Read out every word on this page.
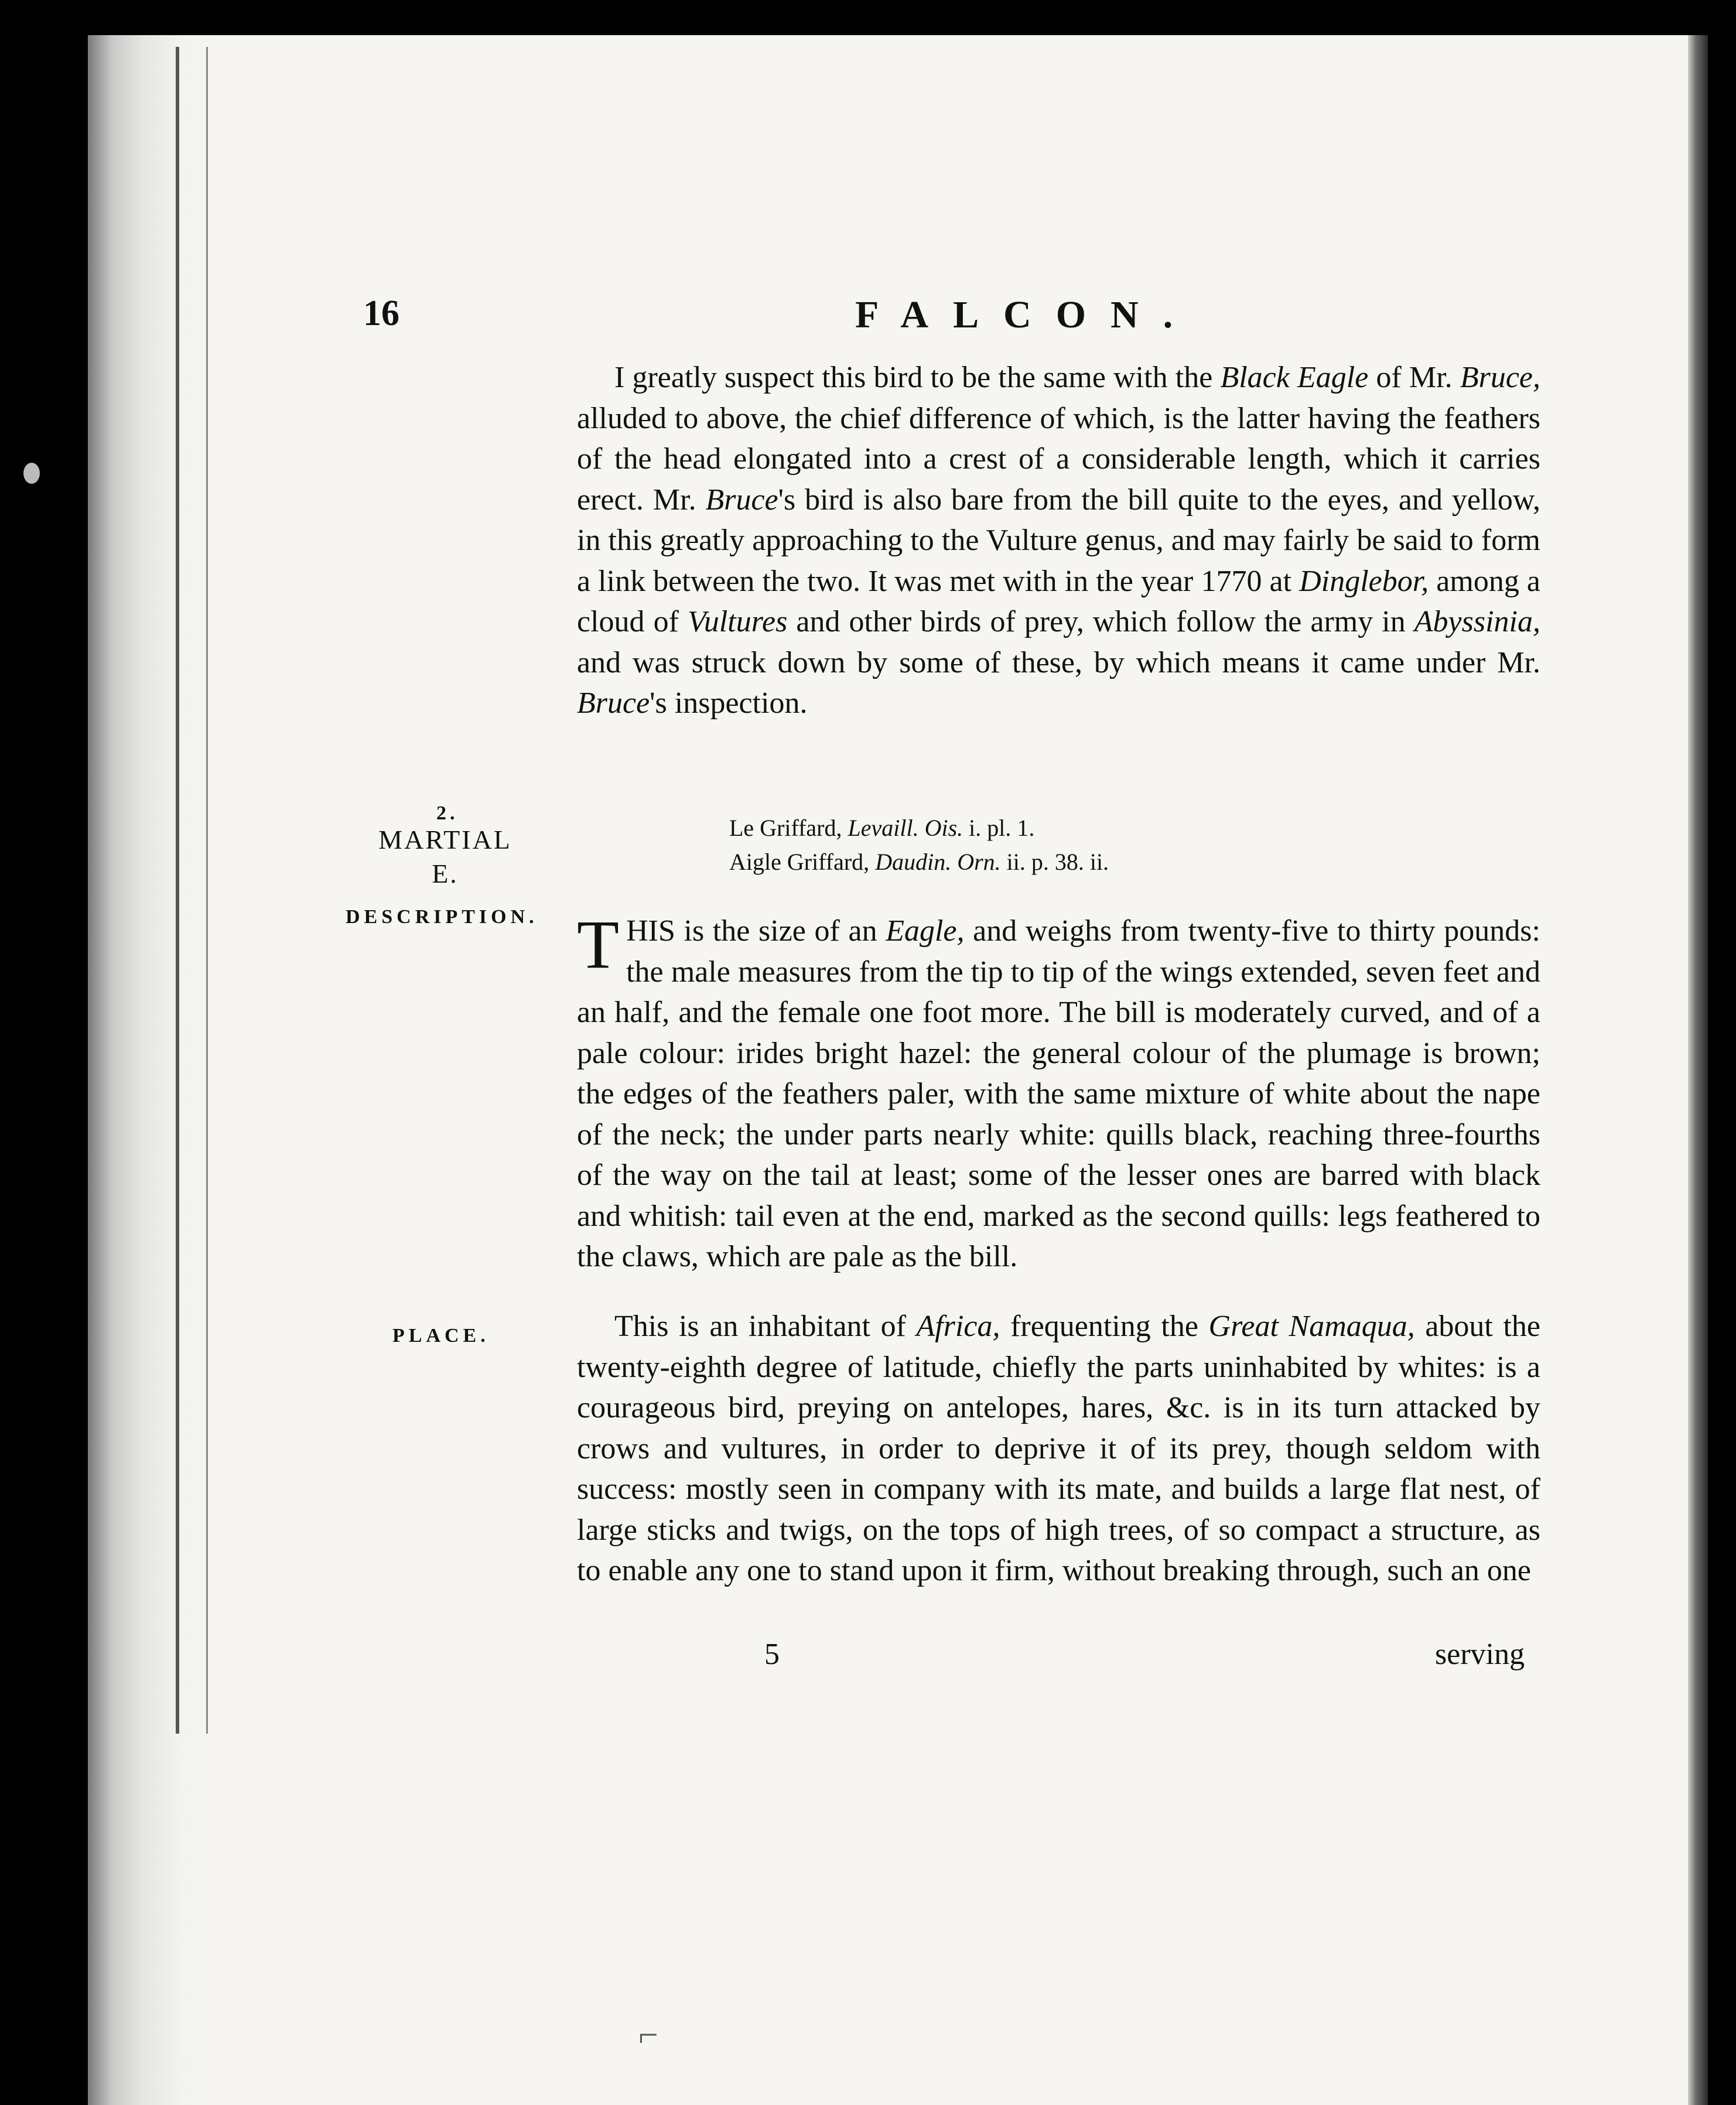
⌐
16	FALCON.

I greatly suspect this bird to be the same with the Black Eagle of Mr. Bruce, alluded to above, the chief difference of which, is the latter having the feathers of the head elongated into a crest of a considerable length, which it carries erect. Mr. Bruce's bird is also bare from the bill quite to the eyes, and yellow, in this greatly approaching to the Vulture genus, and may fairly be said to form a link between the two. It was met with in the year 1770 at Dinglebor, among a cloud of Vultures and other birds of prey, which follow the army in Abyssinia, and was struck down by some of these, by which means it came under Mr. Bruce's inspection.

2.
MARTIAL E.
DESCRIPTION.
PLACE.
Le Griffard, Levaill. Ois. i. pl. 1.
Aigle Griffard, Daudin. Orn. ii. p. 38. ii.

THIS is the size of an Eagle, and weighs from twenty-five to thirty pounds: the male measures from the tip to tip of the wings extended, seven feet and an half, and the female one foot more. The bill is moderately curved, and of a pale colour: irides bright hazel: the general colour of the plumage is brown; the edges of the feathers paler, with the same mixture of white about the nape of the neck; the under parts nearly white: quills black, reaching three-fourths of the way on the tail at least; some of the lesser ones are barred with black and whitish: tail even at the end, marked as the second quills: legs feathered to the claws, which are pale as the bill.

This is an inhabitant of Africa, frequenting the Great Namaqua, about the twenty-eighth degree of latitude, chiefly the parts uninhabited by whites: is a courageous bird, preying on antelopes, hares, &c. is in its turn attacked by crows and vultures, in order to deprive it of its prey, though seldom with success: mostly seen in company with its mate, and builds a large flat nest, of large sticks and twigs, on the tops of high trees, of so compact a structure, as to enable any one to stand upon it firm, without breaking through, such an one

5	serving
